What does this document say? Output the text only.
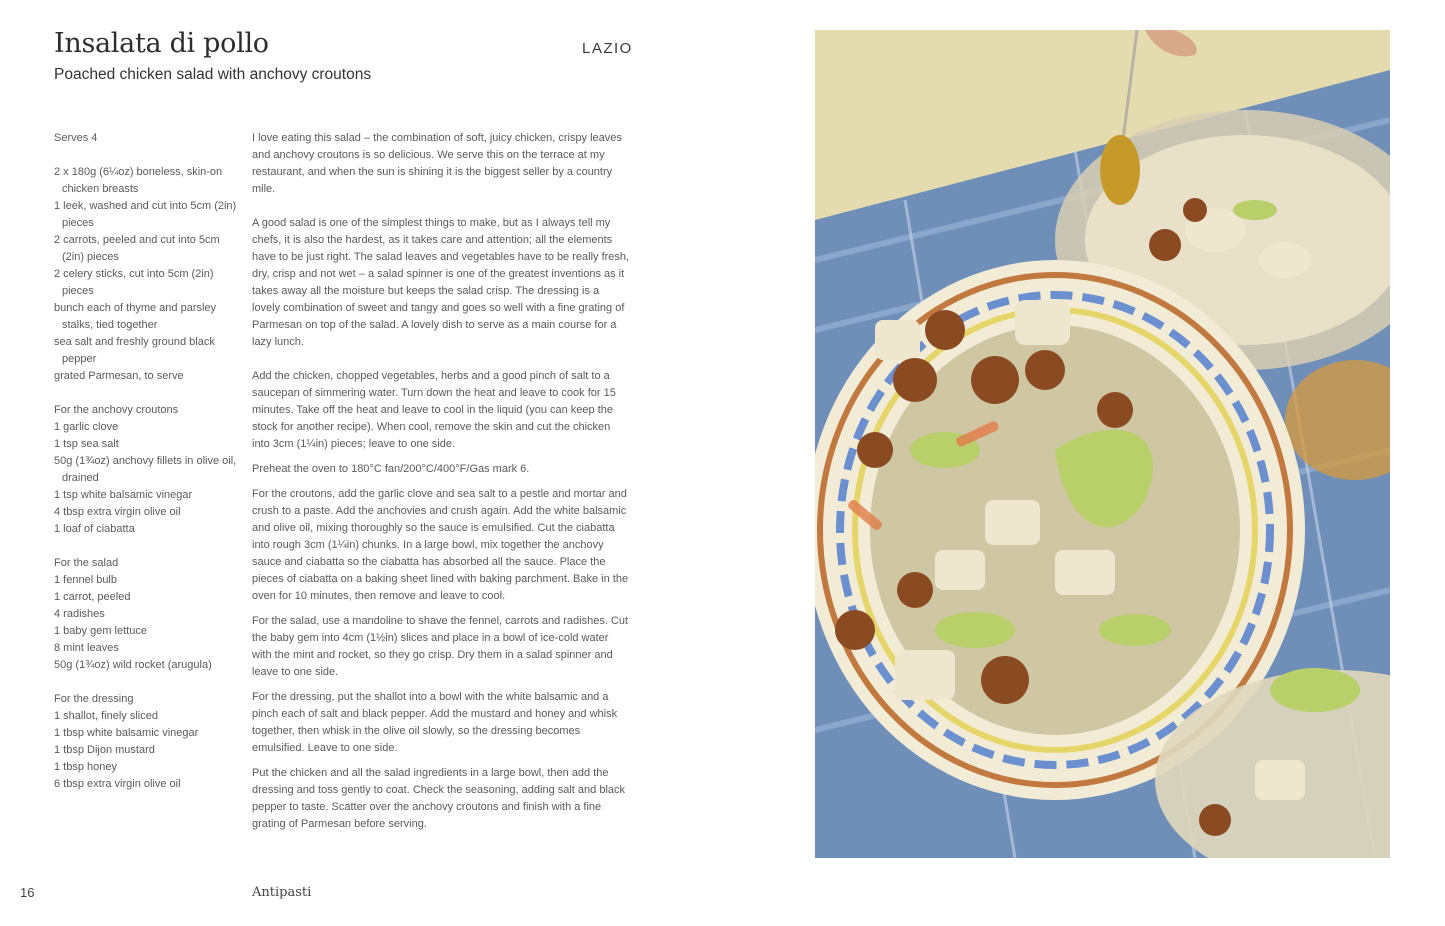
Insalata di pollo	LAZIO
Poached chicken salad with anchovy croutons
Serves 4
2 x 180g (6¼oz) boneless, skin-on chicken breasts
1 leek, washed and cut into 5cm (2in) pieces
2 carrots, peeled and cut into 5cm (2in) pieces
2 celery sticks, cut into 5cm (2in) pieces
bunch each of thyme and parsley stalks, tied together
sea salt and freshly ground black pepper
grated Parmesan, to serve
For the anchovy croutons
1 garlic clove
1 tsp sea salt
50g (1¾oz) anchovy fillets in olive oil, drained
1 tsp white balsamic vinegar
4 tbsp extra virgin olive oil
1 loaf of ciabatta
For the salad
1 fennel bulb
1 carrot, peeled
4 radishes
1 baby gem lettuce
8 mint leaves
50g (1¾oz) wild rocket (arugula)
For the dressing
1 shallot, finely sliced
1 tbsp white balsamic vinegar
1 tbsp Dijon mustard
1 tbsp honey
6 tbsp extra virgin olive oil

I love eating this salad – the combination of soft, juicy chicken, crispy leaves and anchovy croutons is so delicious. We serve this on the terrace at my restaurant, and when the sun is shining it is the biggest seller by a country mile.

A good salad is one of the simplest things to make, but as I always tell my chefs, it is also the hardest, as it takes care and attention; all the elements have to be just right. The salad leaves and vegetables have to be really fresh, dry, crisp and not wet – a salad spinner is one of the greatest inventions as it takes away all the moisture but keeps the salad crisp. The dressing is a lovely combination of sweet and tangy and goes so well with a fine grating of Parmesan on top of the salad. A lovely dish to serve as a main course for a lazy lunch.

Add the chicken, chopped vegetables, herbs and a good pinch of salt to a saucepan of simmering water. Turn down the heat and leave to cook for 15 minutes. Take off the heat and leave to cool in the liquid (you can keep the stock for another recipe). When cool, remove the skin and cut the chicken into 3cm (1¼in) pieces; leave to one side.

Preheat the oven to 180°C fan/200°C/400°F/Gas mark 6.

For the croutons, add the garlic clove and sea salt to a pestle and mortar and crush to a paste. Add the anchovies and crush again. Add the white balsamic and olive oil, mixing thoroughly so the sauce is emulsified. Cut the ciabatta into rough 3cm (1¼in) chunks. In a large bowl, mix together the anchovy sauce and ciabatta so the ciabatta has absorbed all the sauce. Place the pieces of ciabatta on a baking sheet lined with baking parchment. Bake in the oven for 10 minutes, then remove and leave to cool.

For the salad, use a mandoline to shave the fennel, carrots and radishes. Cut the baby gem into 4cm (1½in) slices and place in a bowl of ice-cold water with the mint and rocket, so they go crisp. Dry them in a salad spinner and leave to one side.

For the dressing, put the shallot into a bowl with the white balsamic and a pinch each of salt and black pepper. Add the mustard and honey and whisk together, then whisk in the olive oil slowly, so the dressing becomes emulsified. Leave to one side.

Put the chicken and all the salad ingredients in a large bowl, then add the dressing and toss gently to coat. Check the seasoning, adding salt and black pepper to taste. Scatter over the anchovy croutons and finish with a fine grating of Parmesan before serving.

16	Antipasti
